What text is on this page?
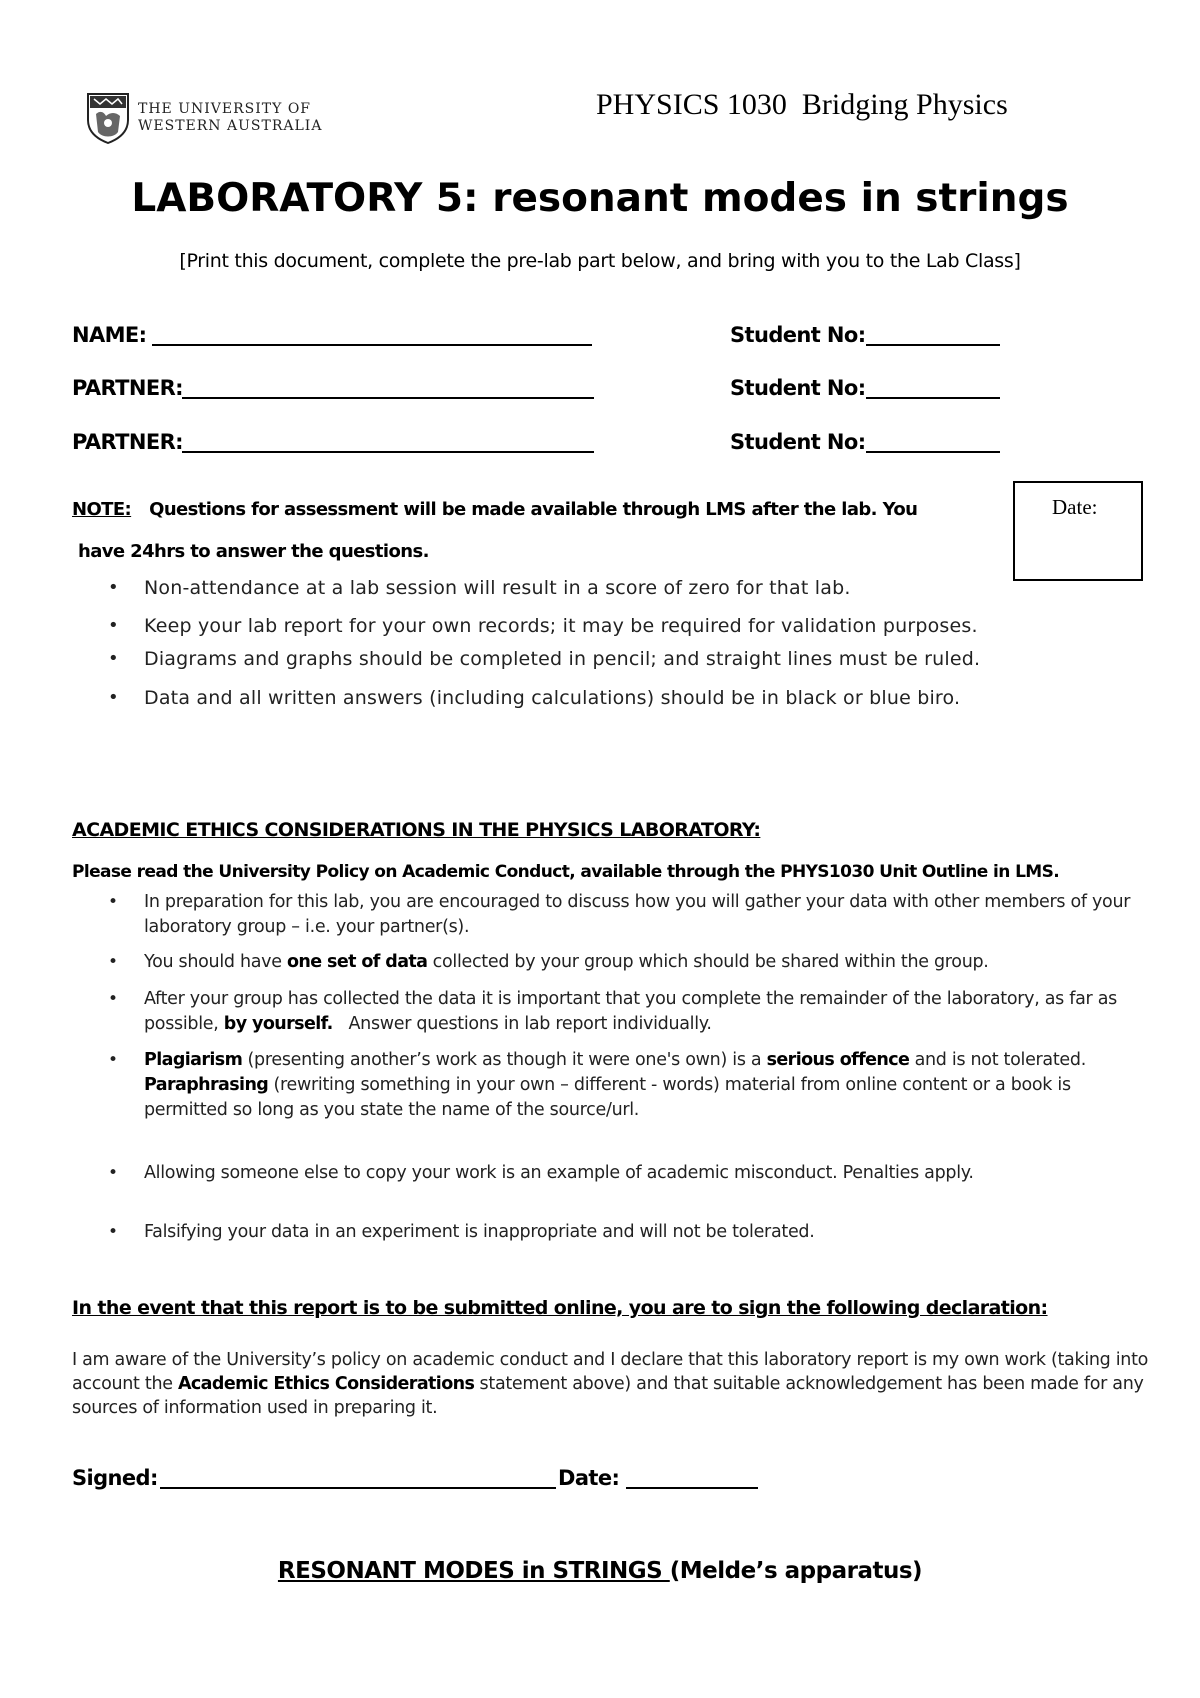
THE UNIVERSITY OF
WESTERN AUSTRALIA
PHYSICS 1030  Bridging Physics
LABORATORY 5: resonant modes in strings
[Print this document, complete the pre-lab part below, and bring with you to the Lab Class]
NAME:	Student No:
PARTNER:	Student No:
PARTNER:	Student No:
NOTE: Questions for assessment will be made available through LMS after the lab. You
have 24hrs to answer the questions.
Date:
• Non-attendance at a lab session will result in a score of zero for that lab.
• Keep your lab report for your own records; it may be required for validation purposes.
• Diagrams and graphs should be completed in pencil; and straight lines must be ruled.
• Data and all written answers (including calculations) should be in black or blue biro.
ACADEMIC ETHICS CONSIDERATIONS IN THE PHYSICS LABORATORY:
Please read the University Policy on Academic Conduct, available through the PHYS1030 Unit Outline in LMS.
• In preparation for this lab, you are encouraged to discuss how you will gather your data with other members of your laboratory group – i.e. your partner(s).
• You should have one set of data collected by your group which should be shared within the group.
• After your group has collected the data it is important that you complete the remainder of the laboratory, as far as possible, by yourself.   Answer questions in lab report individually.
• Plagiarism (presenting another’s work as though it were one's own) is a serious offence and is not tolerated.
Paraphrasing (rewriting something in your own – different - words) material from online content or a book is permitted so long as you state the name of the source/url.
• Allowing someone else to copy your work is an example of academic misconduct. Penalties apply.
• Falsifying your data in an experiment is inappropriate and will not be tolerated.
In the event that this report is to be submitted online, you are to sign the following declaration:
I am aware of the University’s policy on academic conduct and I declare that this laboratory report is my own work (taking into account the Academic Ethics Considerations statement above) and that suitable acknowledgement has been made for any sources of information used in preparing it.
Signed:	Date:
RESONANT MODES in STRINGS (Melde’s apparatus)
